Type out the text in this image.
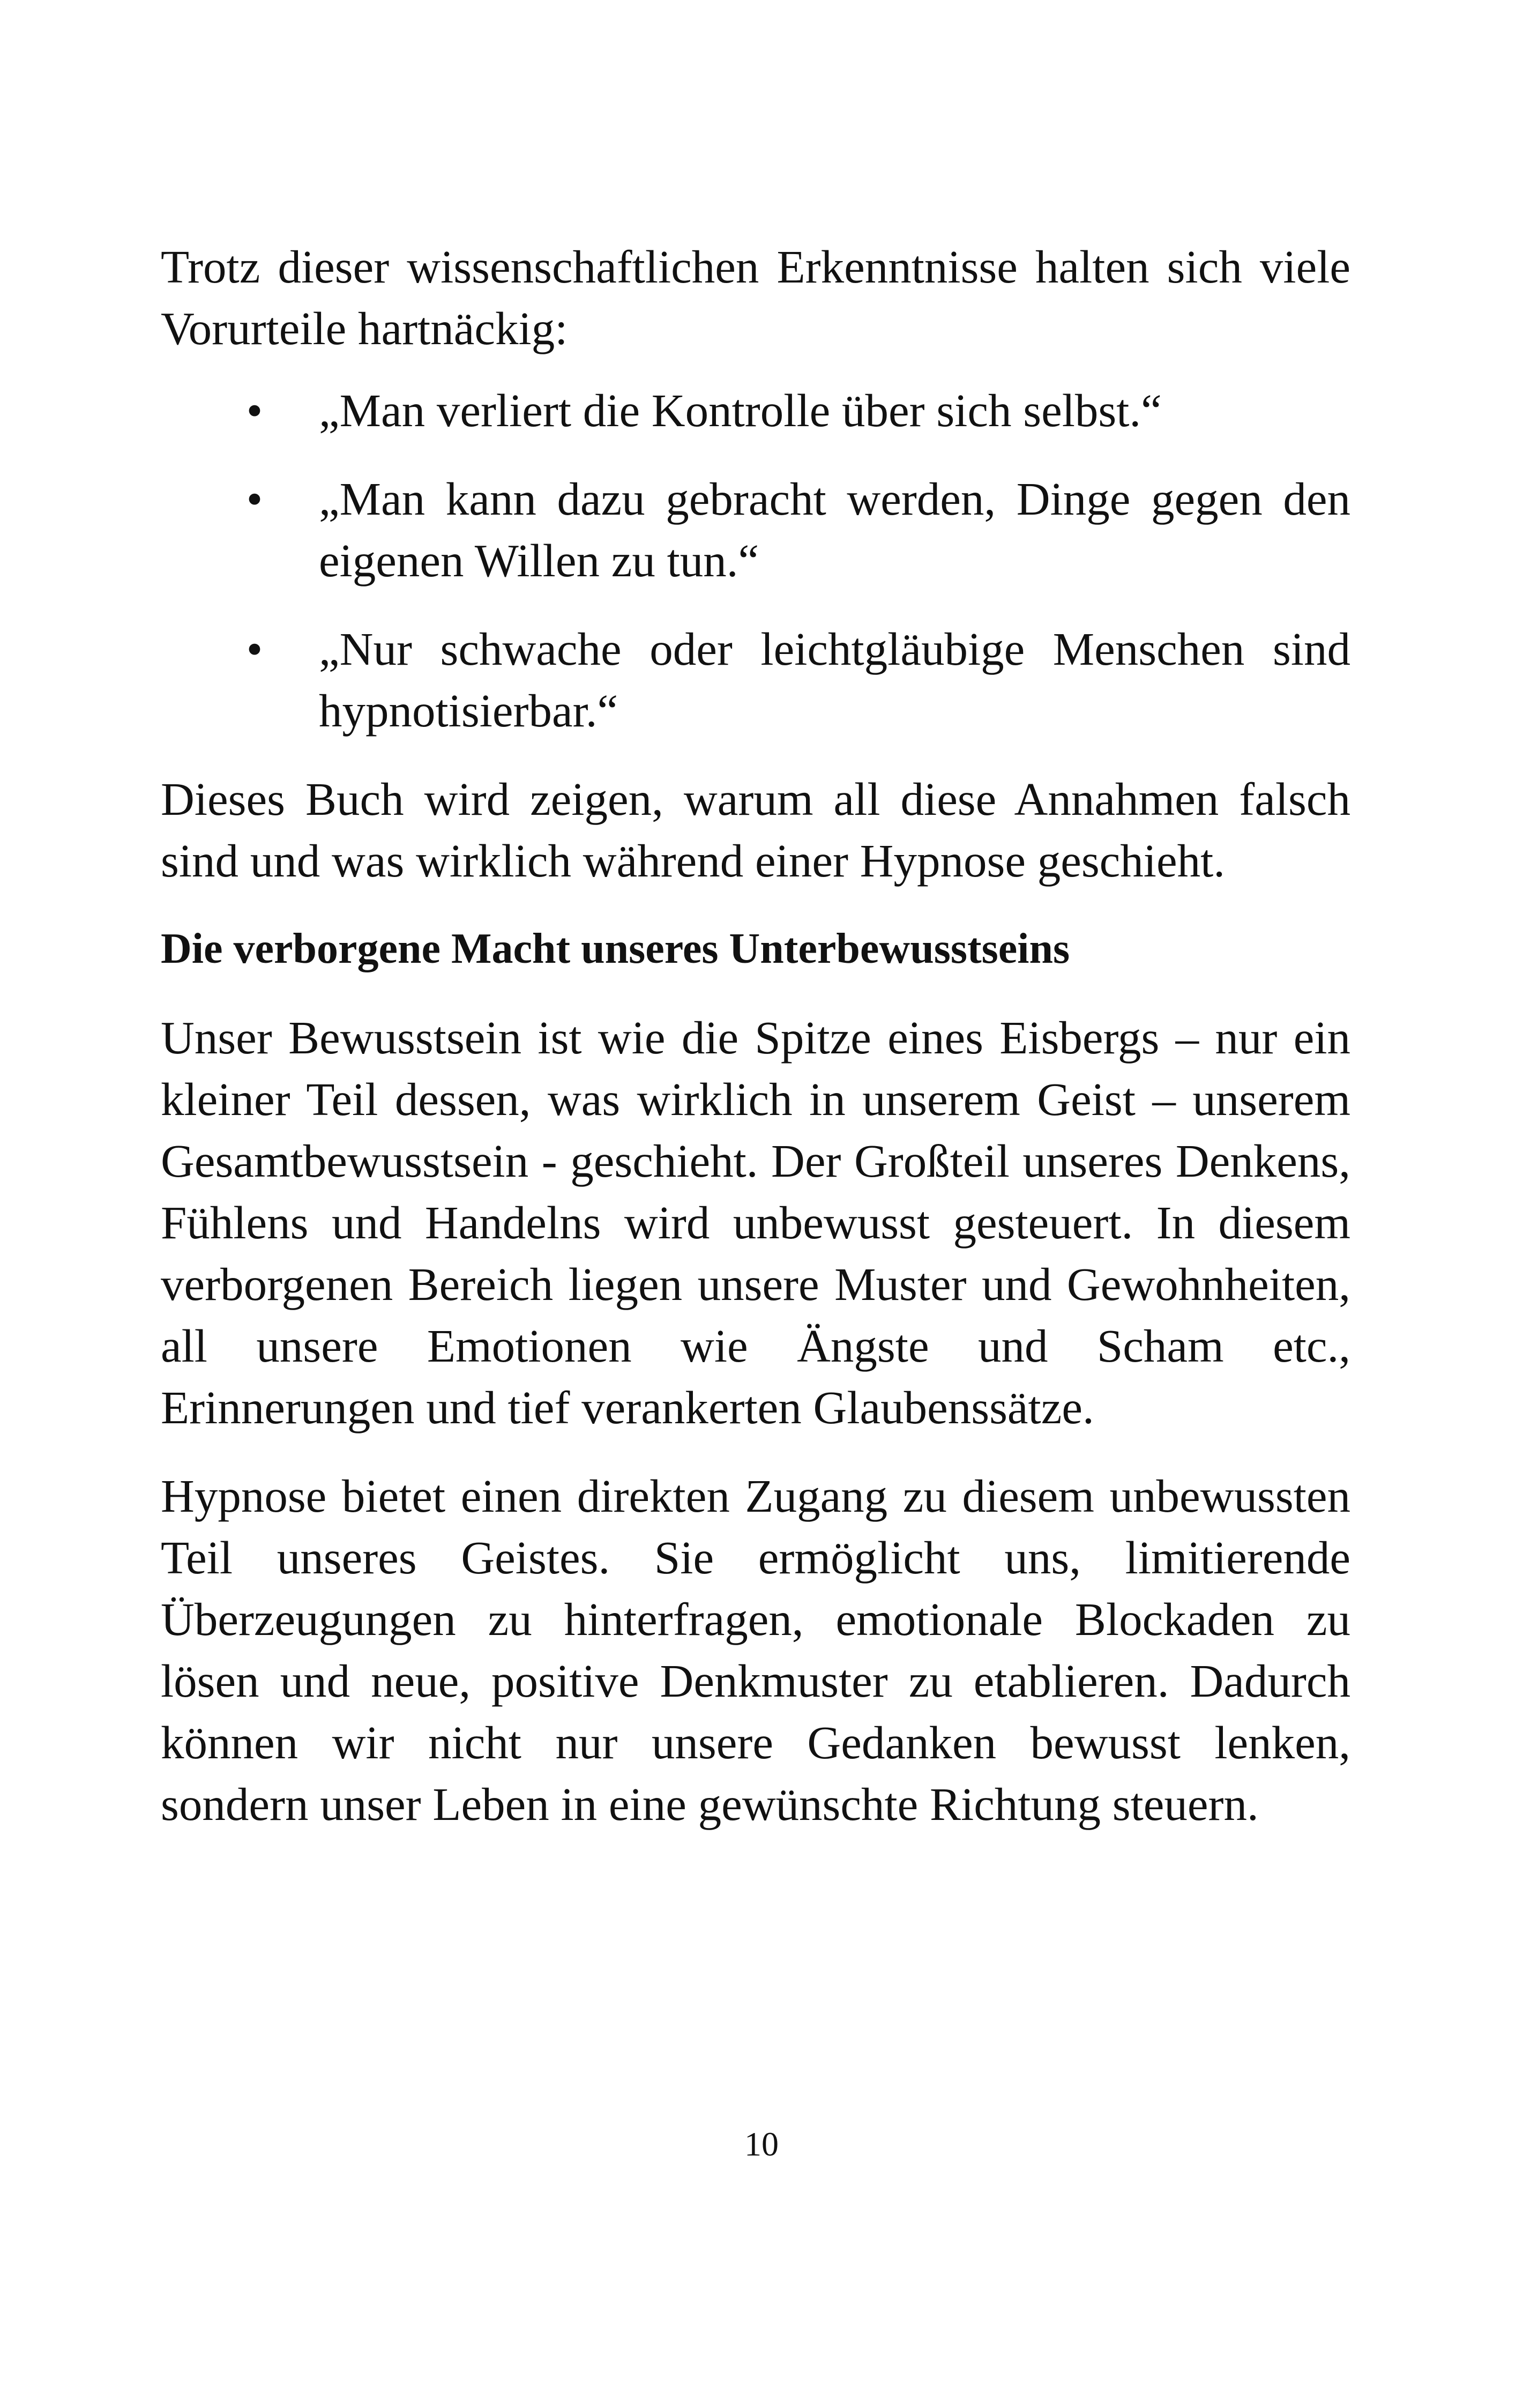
Trotz dieser wissenschaftlichen Erkenntnisse halten sich viele Vorurteile hartnäckig:

• „Man verliert die Kontrolle über sich selbst.“
• „Man kann dazu gebracht werden, Dinge gegen den eigenen Willen zu tun.“
• „Nur schwache oder leichtgläubige Menschen sind hypnotisierbar.“

Dieses Buch wird zeigen, warum all diese Annahmen falsch sind und was wirklich während einer Hypnose geschieht.

Die verborgene Macht unseres Unterbewusstseins

Unser Bewusstsein ist wie die Spitze eines Eisbergs – nur ein kleiner Teil dessen, was wirklich in unserem Geist – unserem Gesamtbewusstsein - geschieht. Der Großteil unseres Denkens, Fühlens und Handelns wird unbewusst gesteuert. In diesem verborgenen Bereich liegen unsere Muster und Gewohnheiten, all unsere Emotionen wie Ängste und Scham etc., Erinnerungen und tief verankerten Glaubenssätze.

Hypnose bietet einen direkten Zugang zu diesem unbewussten Teil unseres Geistes. Sie ermöglicht uns, limitierende Überzeugungen zu hinterfragen, emotionale Blockaden zu lösen und neue, positive Denkmuster zu etablieren. Dadurch können wir nicht nur unsere Gedanken bewusst lenken, sondern unser Leben in eine gewünschte Richtung steuern.

10
